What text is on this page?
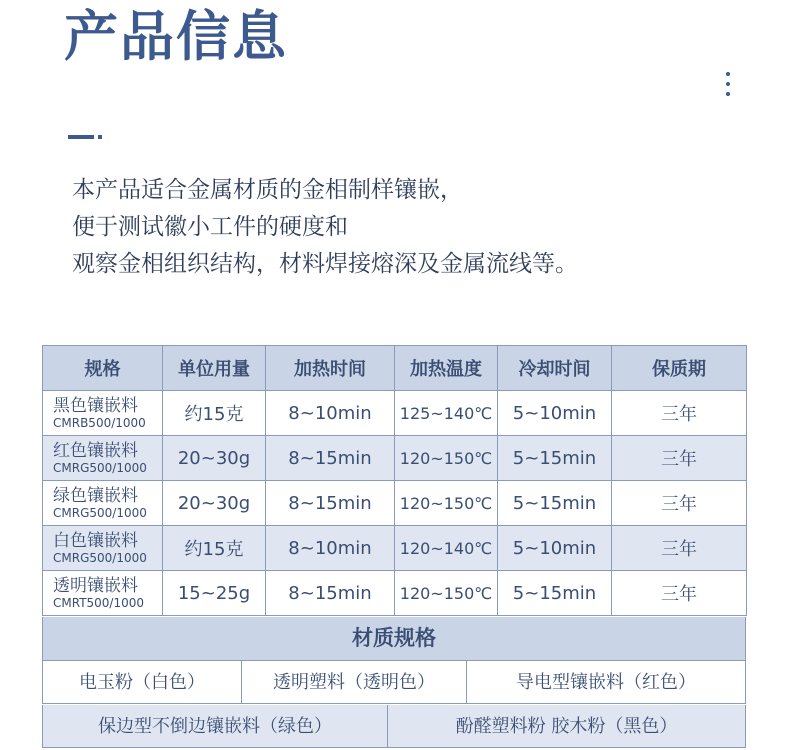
产品信息
本产品适合金属材质的金相制样镶嵌，
便于测试徽小工件的硬度和
观察金相组织结构，材料焊接熔深及金属流线等。
规格	单位用量	加热时间	加热温度	冷却时间	保质期

黑色镶嵌料
CMRB500/1000	约15克	8~10min	125~140℃	5~10min	三年

红色镶嵌料
CMRG500/1000	20~30g	8~15min	120~150℃	5~15min	三年

绿色镶嵌料
CMRG500/1000	20~30g	8~15min	120~150℃	5~15min	三年

白色镶嵌料
CMRG500/1000	约15克	8~10min	120~140℃	5~10min	三年

透明镶嵌料
CMRT500/1000	15~25g	8~15min	120~150℃	5~15min	三年
材质规格
电玉粉（白色）	透明塑料（透明色）	导电型镶嵌料（红色）
保边型不倒边镶嵌料（绿色）	酚醛塑料粉 胶木粉（黑色）
